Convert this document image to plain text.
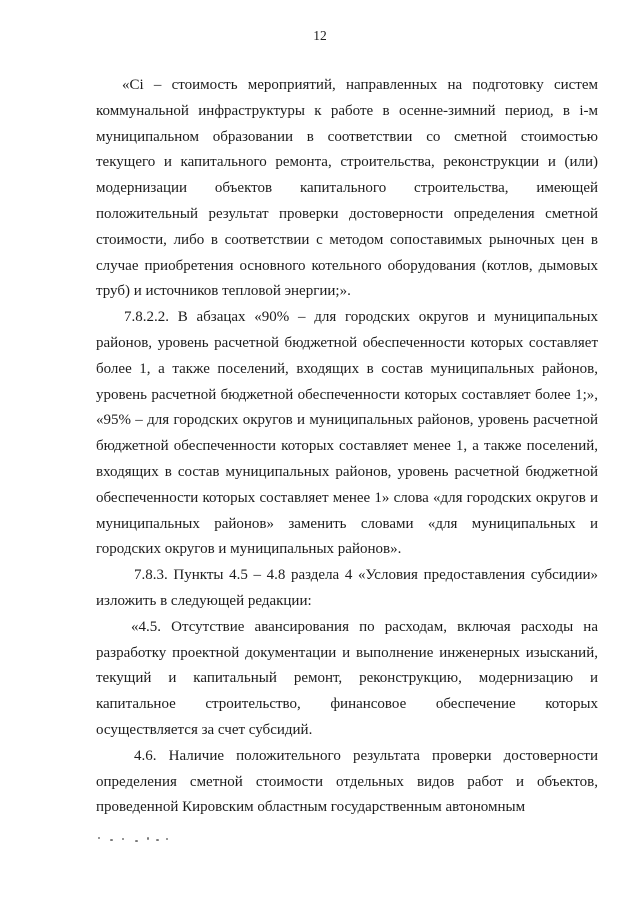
12

«Ci – стоимость мероприятий, направленных на подготовку систем коммунальной инфраструктуры к работе в осенне-зимний период, в i-м муниципальном образовании в соответствии со сметной стоимостью текущего и капитального ремонта, строительства, реконструкции и (или) модернизации объектов капитального строительства, имеющей положительный результат проверки достоверности определения сметной стоимости, либо в соответствии с методом сопоставимых рыночных цен в случае приобретения основного котельного оборудования (котлов, дымовых труб) и источников тепловой энергии;».

7.8.2.2. В абзацах «90% – для городских округов и муниципальных районов, уровень расчетной бюджетной обеспеченности которых составляет более 1, а также поселений, входящих в состав муниципальных районов, уровень расчетной бюджетной обеспеченности которых составляет более 1;», «95% – для городских округов и муниципальных районов, уровень расчетной бюджетной обеспеченности которых составляет менее 1, а также поселений, входящих в состав муниципальных районов, уровень расчетной бюджетной обеспеченности которых составляет менее 1» слова «для городских округов и муниципальных районов» заменить словами «для муниципальных и городских округов и муниципальных районов».

7.8.3. Пункты 4.5 – 4.8 раздела 4 «Условия предоставления субсидии» изложить в следующей редакции:

«4.5. Отсутствие авансирования по расходам, включая расходы на разработку проектной документации и выполнение инженерных изысканий, текущий и капитальный ремонт, реконструкцию, модернизацию и капитальное строительство, финансовое обеспечение которых осуществляется за счет субсидий.

4.6. Наличие положительного результата проверки достоверности определения сметной стоимости отдельных видов работ и объектов, проведенной Кировским областным государственным автономным
